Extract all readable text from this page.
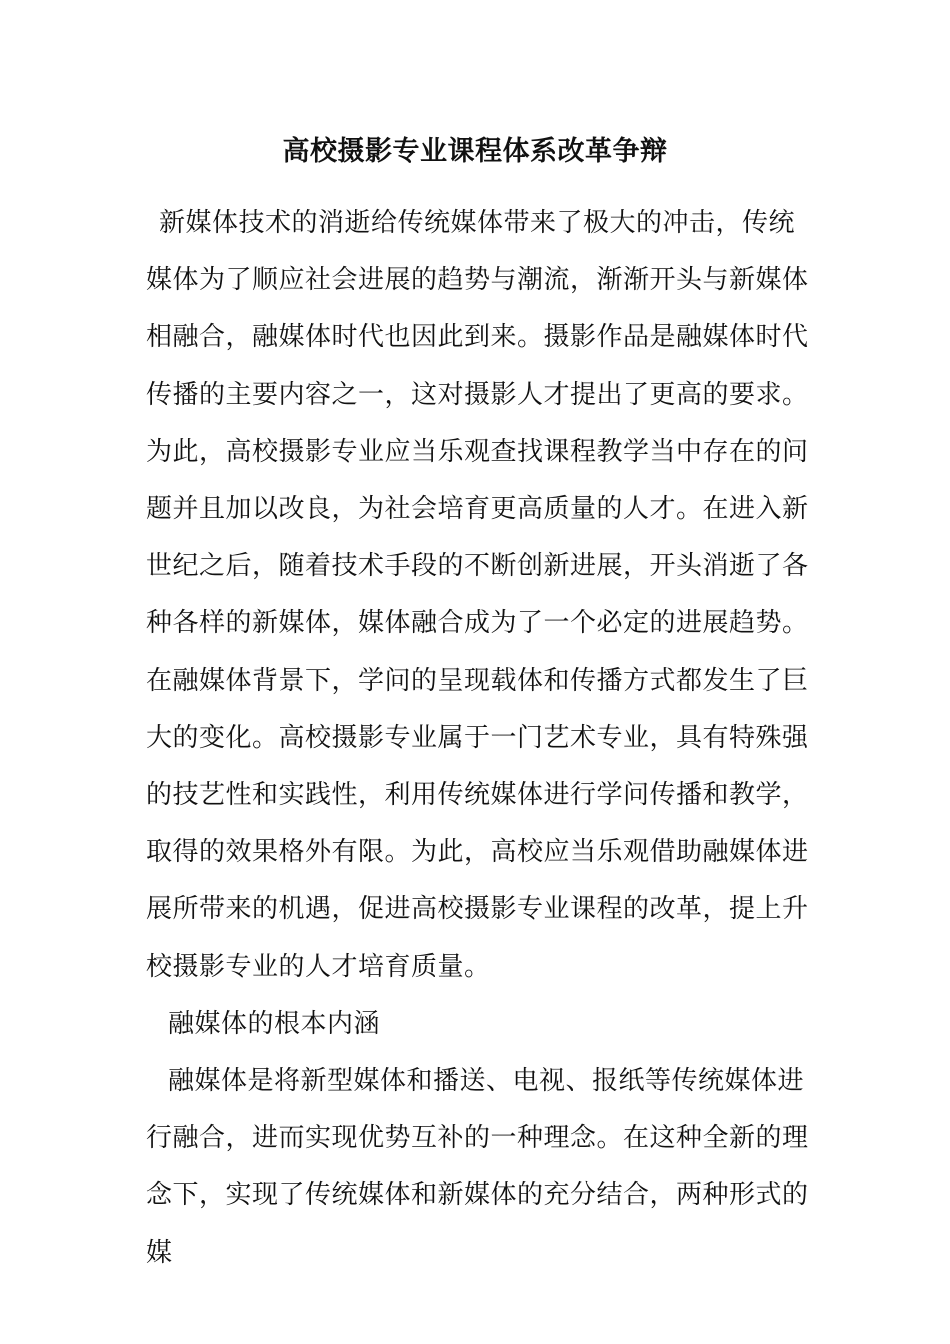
高校摄影专业课程体系改革争辩

新媒体技术的消逝给传统媒体带来了极大的冲击，传统媒体为了顺应社会进展的趋势与潮流，渐渐开头与新媒体相融合，融媒体时代也因此到来。摄影作品是融媒体时代传播的主要内容之一，这对摄影人才提出了更高的要求。为此，高校摄影专业应当乐观查找课程教学当中存在的问题并且加以改良，为社会培育更高质量的人才。在进入新世纪之后，随着技术手段的不断创新进展，开头消逝了各种各样的新媒体，媒体融合成为了一个必定的进展趋势。在融媒体背景下，学问的呈现载体和传播方式都发生了巨大的变化。高校摄影专业属于一门艺术专业，具有特殊强的技艺性和实践性，利用传统媒体进行学问传播和教学，取得的效果格外有限。为此，高校应当乐观借助融媒体进展所带来的机遇，促进高校摄影专业课程的改革，提上升校摄影专业的人才培育质量。

融媒体的根本内涵

融媒体是将新型媒体和播送、电视、报纸等传统媒体进行融合，进而实现优势互补的一种理念。在这种全新的理念下，实现了传统媒体和新媒体的充分结合，两种形式的媒
